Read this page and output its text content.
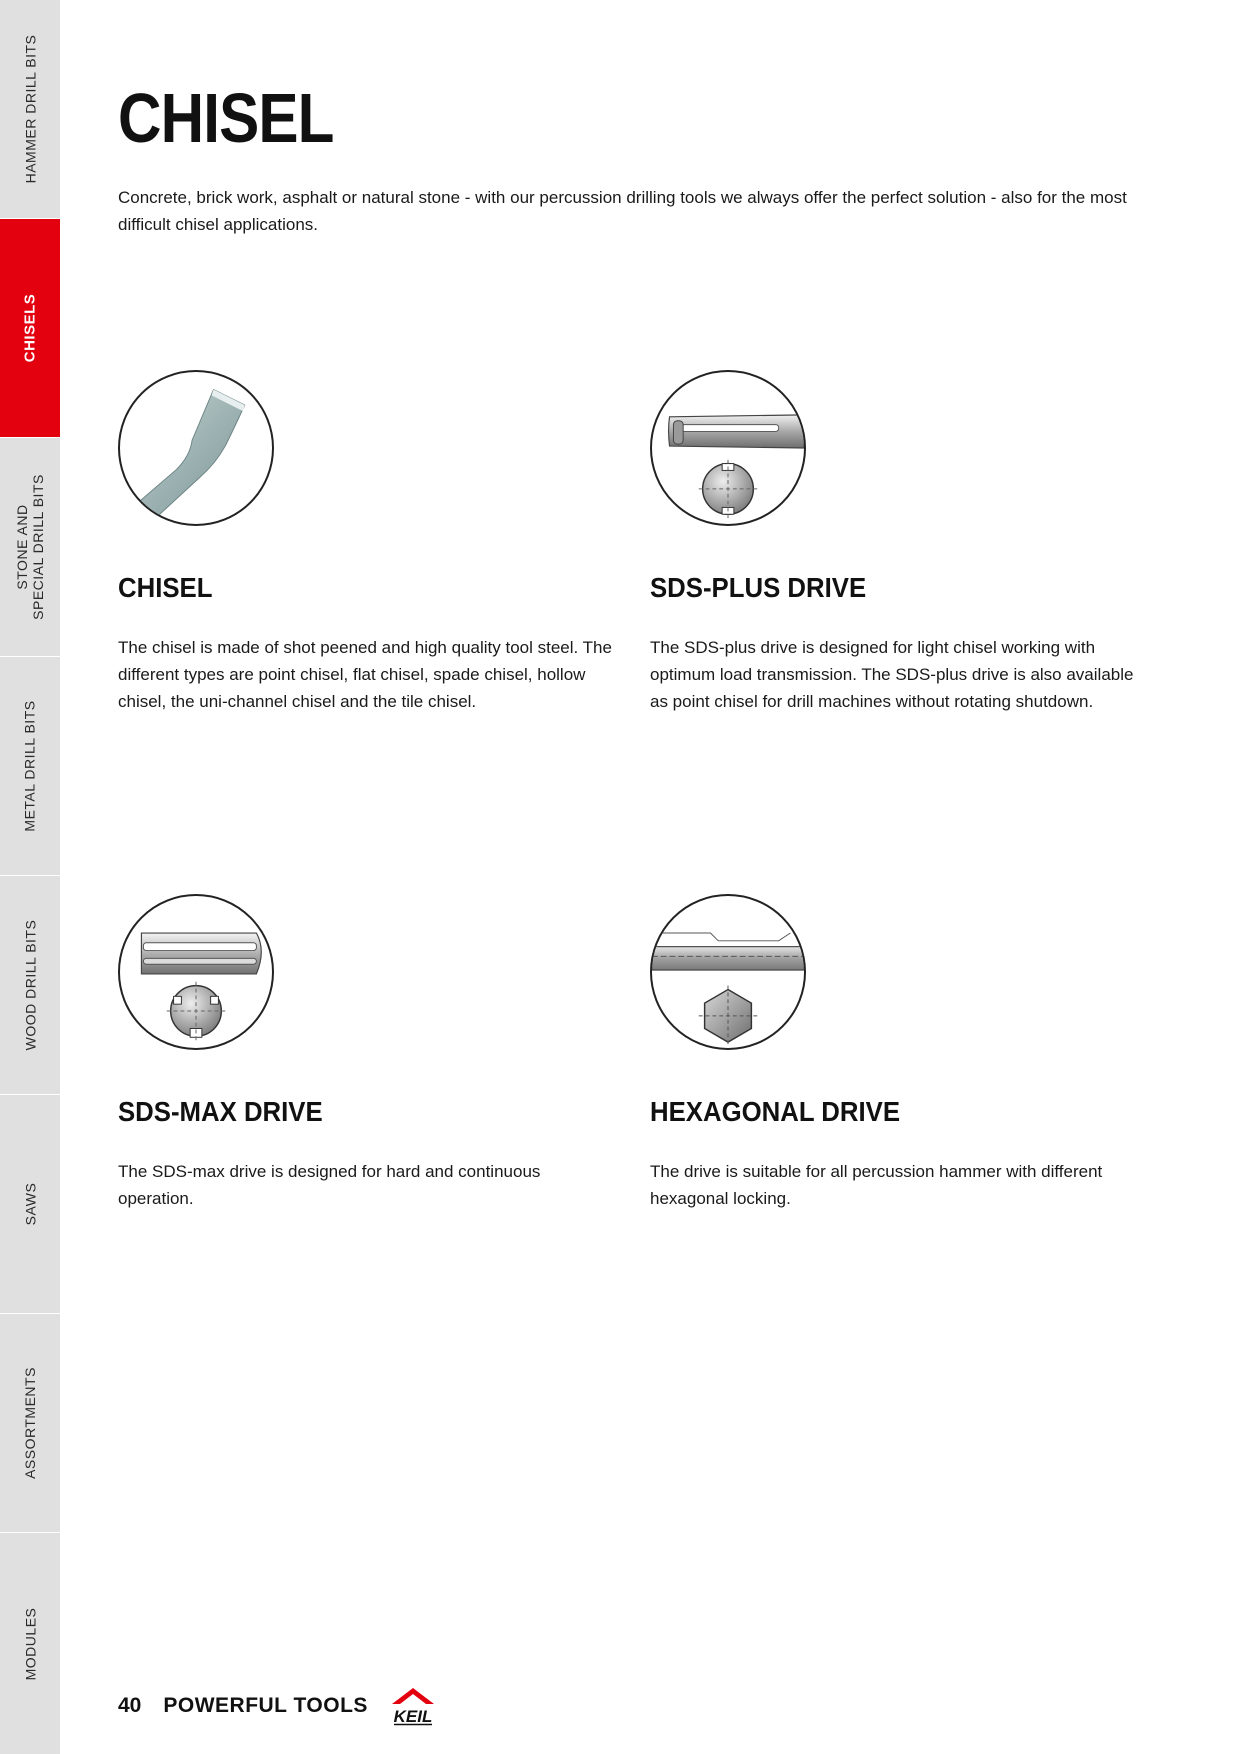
HAMMER DRILL BITS
CHISELS
STONE AND SPECIAL DRILL BITS
METAL DRILL BITS
WOOD DRILL BITS
SAWS
ASSORTMENTS
MODULES
CHISEL

Concrete, brick work, asphalt or natural stone - with our percussion drilling tools we always offer the perfect solution - also for the most difficult chisel applications.

CHISEL

The chisel is made of shot peened and high quality tool steel. The different types are point chisel, flat chisel, spade chisel, hollow chisel, the uni-channel chisel and the tile chisel.

SDS-PLUS DRIVE

The SDS-plus drive is designed for light chisel working with optimum load transmission. The SDS-plus drive is also available as point chisel for drill machines without rotating shutdown.

SDS-MAX DRIVE

The SDS-max drive is designed for hard and continuous operation.

HEXAGONAL DRIVE

The drive is suitable for all percussion hammer with different hexagonal locking.

40 POWERFUL TOOLS KEIL
